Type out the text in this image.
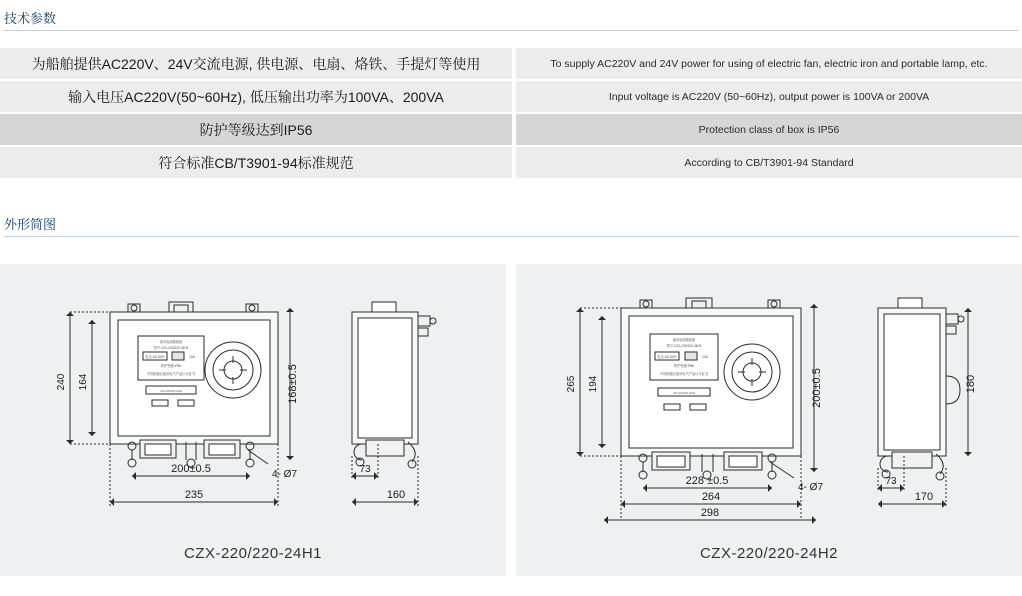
技术参数
为船舶提供AC220V、24V交流电源, 供电源、电扇、烙铁、手提灯等使用	To supply AC220V and 24V power for using of electric fan, electric iron and portable lamp, etc.
输入电压AC220V(50~60Hz), 低压输出功率为100VA、200VA	Input voltage is AC220V (50~60Hz), output power is 100VA or 200VA
防护等级达到IP56	Protection class of box is IP56
符合标准CB/T3901-94标准规范	According to CB/T3901-94 Standard
外形简图
240 164	168±0.5
200±0.5
235
4- Ø7	73
160
船用电源插座箱
型号 CZX-220/220-24H1
电压 AC220V	10A
防护等级 IP56
中国船级社船用电气产品认可证书
CZX-220/220-24H1
CZX-220/220-24H1
265 194	200±0.5
228 ±0.5
264
298
4- Ø7
180
73
170
船用电源插座箱
型号 CZX-220/220-24H2
电压 AC220V	10A
防护等级 IP56
中国船级社船用电气产品认可证书
CZX-220/220-24H2
CZX-220/220-24H2
